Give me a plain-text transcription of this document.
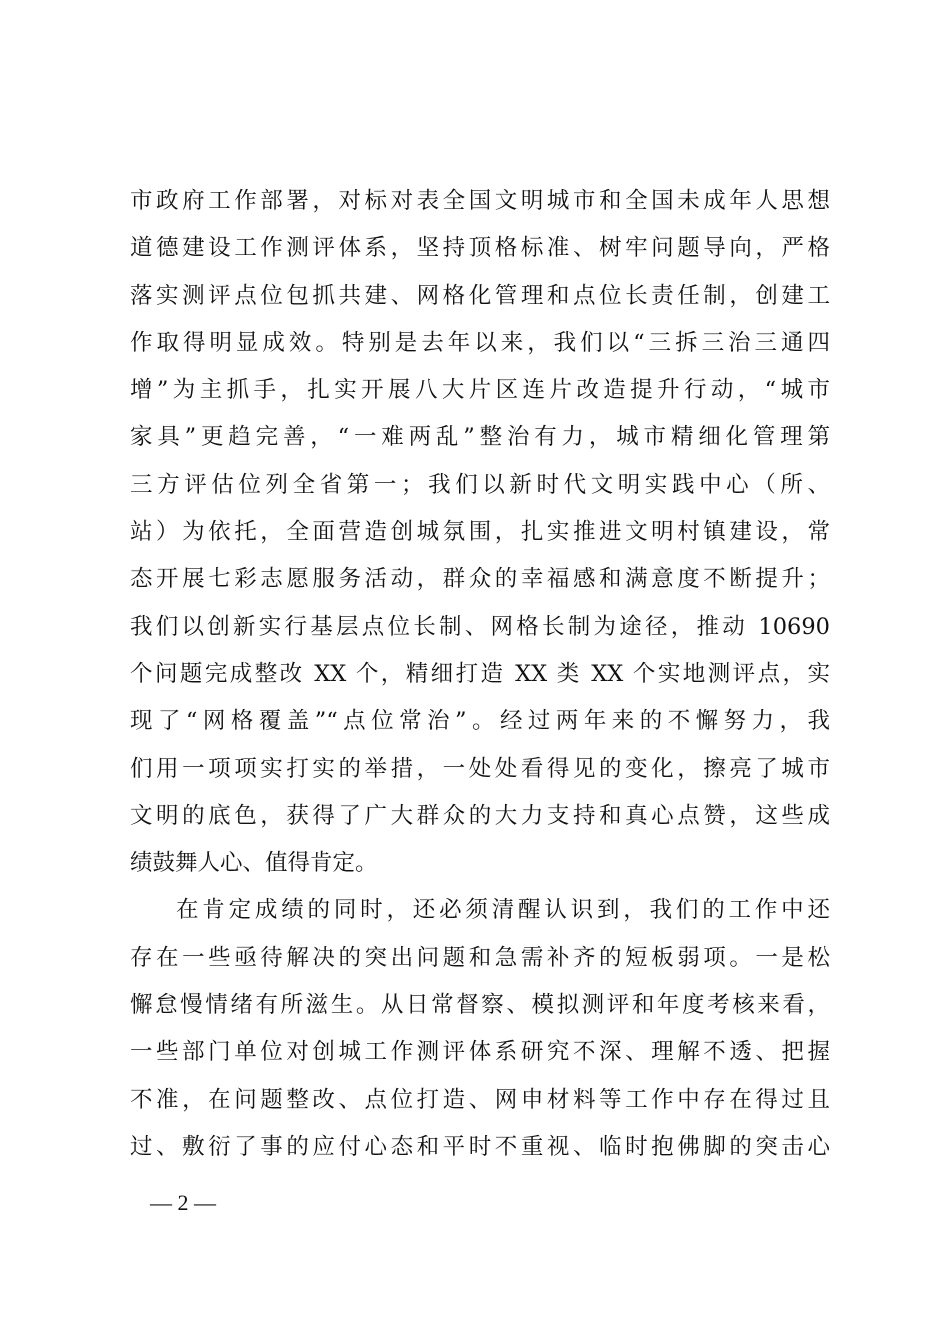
市政府工作部署，对标对表全国文明城市和全国未成年人思想
道德建设工作测评体系，坚持顶格标准、树牢问题导向，严格
落实测评点位包抓共建、网格化管理和点位长责任制，创建工
作取得明显成效。特别是去年以来，我们以“三拆三治三通四
增”为主抓手，扎实开展八大片区连片改造提升行动，“城市
家具”更趋完善，“一难两乱”整治有力，城市精细化管理第
三方评估位列全省第一；我们以新时代文明实践中心（所、
站）为依托，全面营造创城氛围，扎实推进文明村镇建设，常
态开展七彩志愿服务活动，群众的幸福感和满意度不断提升；
我们以创新实行基层点位长制、网格长制为途径，推动 10690
个问题完成整改 XX 个，精细打造 XX 类 XX 个实地测评点，实
现了“网格覆盖”“点位常治”。经过两年来的不懈努力，我
们用一项项实打实的举措，一处处看得见的变化，擦亮了城市
文明的底色，获得了广大群众的大力支持和真心点赞，这些成
绩鼓舞人心、值得肯定。
在肯定成绩的同时，还必须清醒认识到，我们的工作中还
存在一些亟待解决的突出问题和急需补齐的短板弱项。一是松
懈怠慢情绪有所滋生。从日常督察、模拟测评和年度考核来看，
一些部门单位对创城工作测评体系研究不深、理解不透、把握
不准，在问题整改、点位打造、网申材料等工作中存在得过且
过、敷衍了事的应付心态和平时不重视、临时抱佛脚的突击心
— 2 —
